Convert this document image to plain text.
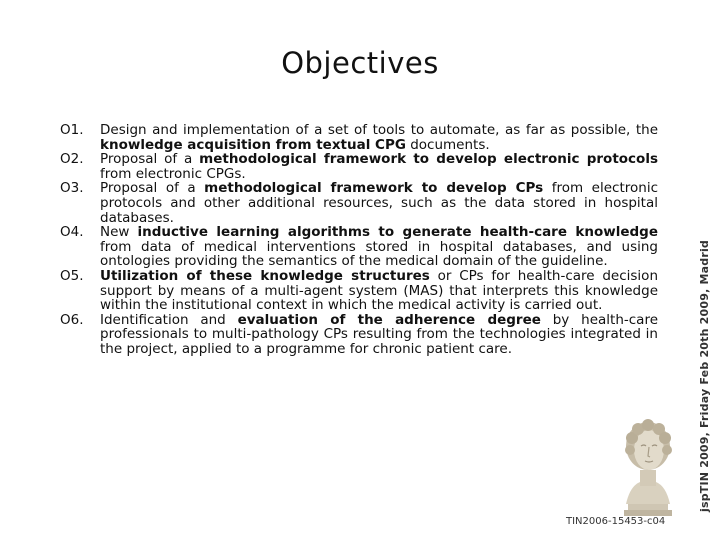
Objectives
O1.	Design and implementation of a set of tools to automate, as far as possible, the knowledge acquisition from textual CPG documents.
O2.	Proposal of a methodological framework to develop electronic protocols from electronic CPGs.
O3.	Proposal of a methodological framework to develop CPs from electronic protocols and other additional resources, such as the data stored in hospital databases.
O4.	New inductive learning algorithms to generate health-care knowledge from data of medical interventions stored in hospital databases, and using ontologies providing the semantics of the medical domain of the guideline.
O5.	Utilization of these knowledge structures or CPs for health-care decision support by means of a multi-agent system (MAS) that interprets this knowledge within the institutional context in which the medical activity is carried out.
O6.	Identification and evaluation of the adherence degree by health-care professionals to multi-pathology CPs resulting from the technologies integrated in the project, applied to a programme for chronic patient care.	jspTIN 2009, Friday Feb 20th 2009, Madrid
TIN2006-15453-c04
